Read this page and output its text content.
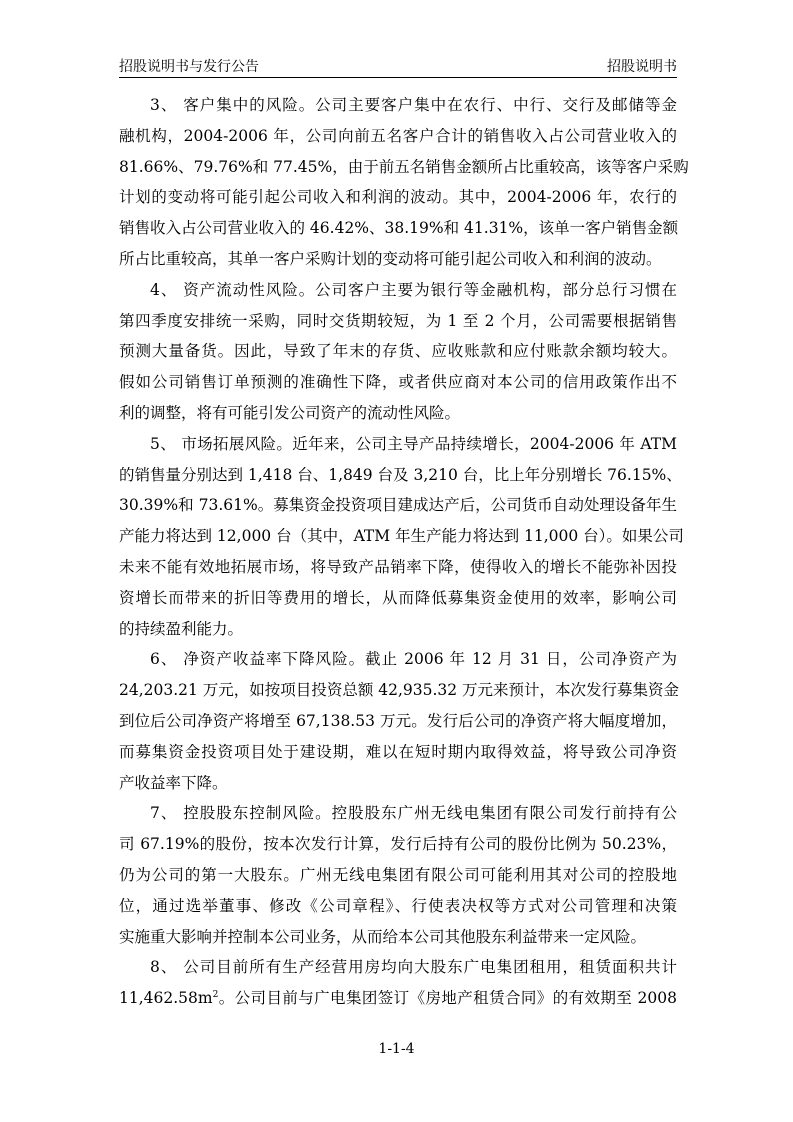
招股说明书与发行公告	招股说明书

3、 客户集中的风险。公司主要客户集中在农行、中行、交行及邮储等金
融机构，2004-2006 年，公司向前五名客户合计的销售收入占公司营业收入的
81.66%、79.76%和 77.45%，由于前五名销售金额所占比重较高，该等客户采购
计划的变动将可能引起公司收入和利润的波动。其中，2004-2006 年，农行的
销售收入占公司营业收入的 46.42%、38.19%和 41.31%，该单一客户销售金额
所占比重较高，其单一客户采购计划的变动将可能引起公司收入和利润的波动。

4、 资产流动性风险。公司客户主要为银行等金融机构，部分总行习惯在
第四季度安排统一采购，同时交货期较短，为 1 至 2 个月，公司需要根据销售
预测大量备货。因此，导致了年末的存货、应收账款和应付账款余额均较大。
假如公司销售订单预测的准确性下降，或者供应商对本公司的信用政策作出不
利的调整，将有可能引发公司资产的流动性风险。

5、 市场拓展风险。近年来，公司主导产品持续增长，2004-2006 年 ATM
的销售量分别达到 1,418 台、1,849 台及 3,210 台，比上年分别增长 76.15%、
30.39%和 73.61%。募集资金投资项目建成达产后，公司货币自动处理设备年生
产能力将达到 12,000 台（其中，ATM 年生产能力将达到 11,000 台）。如果公司
未来不能有效地拓展市场，将导致产品销率下降，使得收入的增长不能弥补因投
资增长而带来的折旧等费用的增长，从而降低募集资金使用的效率，影响公司
的持续盈利能力。

6、 净资产收益率下降风险。截止 2006 年 12 月 31 日，公司净资产为
24,203.21 万元，如按项目投资总额 42,935.32 万元来预计，本次发行募集资金
到位后公司净资产将增至 67,138.53 万元。发行后公司的净资产将大幅度增加，
而募集资金投资项目处于建设期，难以在短时期内取得效益，将导致公司净资
产收益率下降。

7、 控股股东控制风险。控股股东广州无线电集团有限公司发行前持有公
司 67.19%的股份，按本次发行计算，发行后持有公司的股份比例为 50.23%，
仍为公司的第一大股东。广州无线电集团有限公司可能利用其对公司的控股地
位，通过选举董事、修改《公司章程》、行使表决权等方式对公司管理和决策
实施重大影响并控制本公司业务，从而给本公司其他股东利益带来一定风险。

8、 公司目前所有生产经营用房均向大股东广电集团租用，租赁面积共计
$11,462.58m^2$。公司目前与广电集团签订《房地产租赁合同》的有效期至 2008

1-1-4
